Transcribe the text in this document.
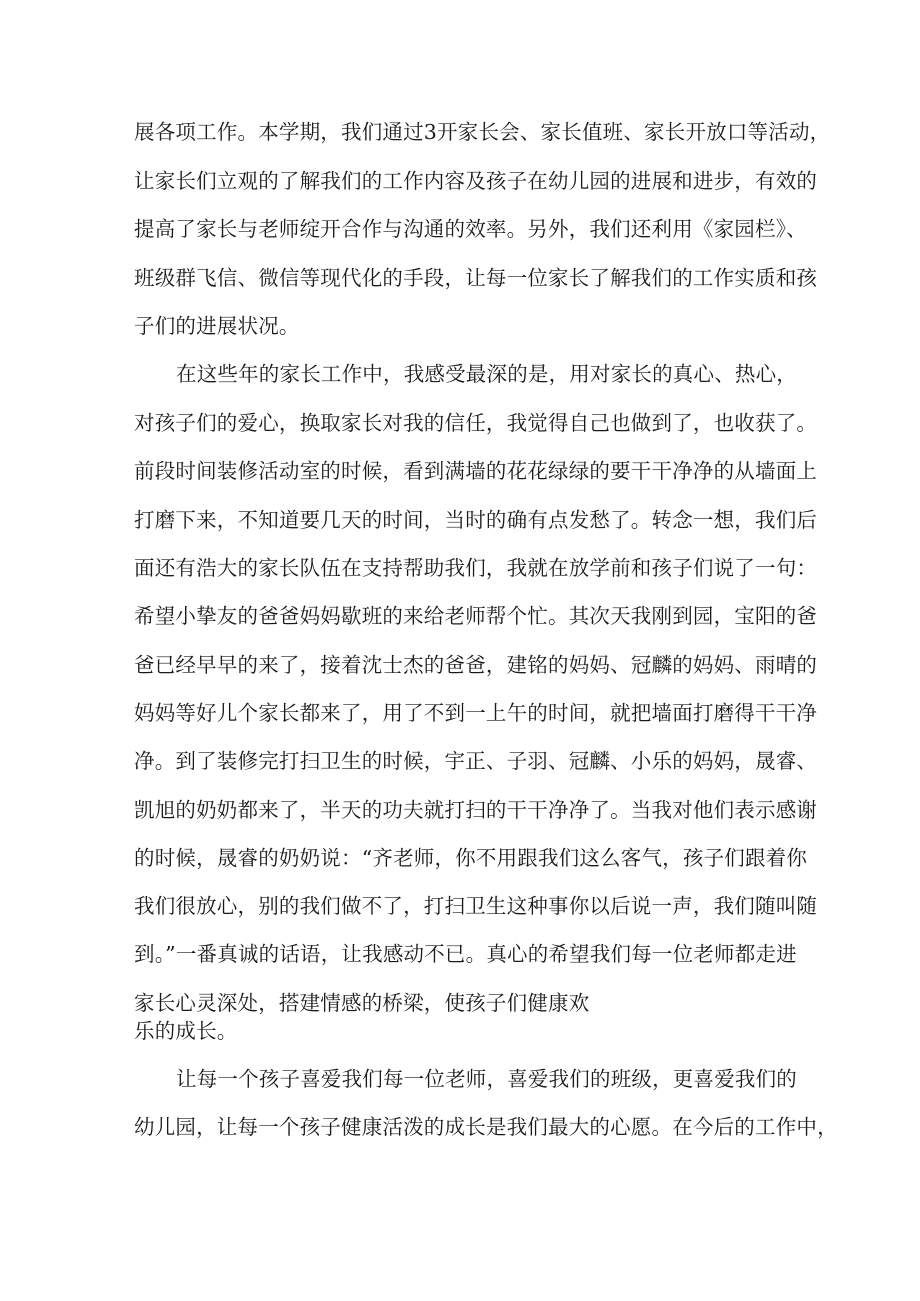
展各项工作。本学期，我们通过3开家长会、家长值班、家长开放口等活动，
让家长们立观的了解我们的工作内容及孩子在幼儿园的进展和进步，有效的
提高了家长与老师绽开合作与沟通的效率。另外，我们还利用《家园栏》、
班级群飞信、微信等现代化的手段，让每一位家长了解我们的工作实质和孩
子们的进展状况。
在这些年的家长工作中，我感受最深的是，用对家长的真心、热心，
对孩子们的爱心，换取家长对我的信任，我觉得自己也做到了，也收获了。
前段时间装修活动室的时候，看到满墙的花花绿绿的要干干净净的从墙面上
打磨下来，不知道要几天的时间，当时的确有点发愁了。转念一想，我们后
面还有浩大的家长队伍在支持帮助我们，我就在放学前和孩子们说了一句：
希望小挚友的爸爸妈妈歇班的来给老师帮个忙。其次天我刚到园，宝阳的爸
爸已经早早的来了，接着沈士杰的爸爸，建铭的妈妈、冠麟的妈妈、雨晴的
妈妈等好儿个家长都来了，用了不到一上午的时间，就把墙面打磨得干干净
净。到了装修完打扫卫生的时候，宇正、子羽、冠麟、小乐的妈妈，晟睿、
凯旭的奶奶都来了，半天的功夫就打扫的干干净净了。当我对他们表示感谢
的时候，晟睿的奶奶说：“齐老师，你不用跟我们这么客气，孩子们跟着你
我们很放心，别的我们做不了，打扫卫生这种事你以后说一声，我们随叫随
到。”一番真诚的话语，让我感动不已。真心的希望我们每一位老师都走进
家长心灵深处，搭建情感的桥梁，使孩子们健康欢
乐的成长。
让每一个孩子喜爱我们每一位老师，喜爱我们的班级，更喜爱我们的
幼儿园，让每一个孩子健康活泼的成长是我们最大的心愿。在今后的工作中，
